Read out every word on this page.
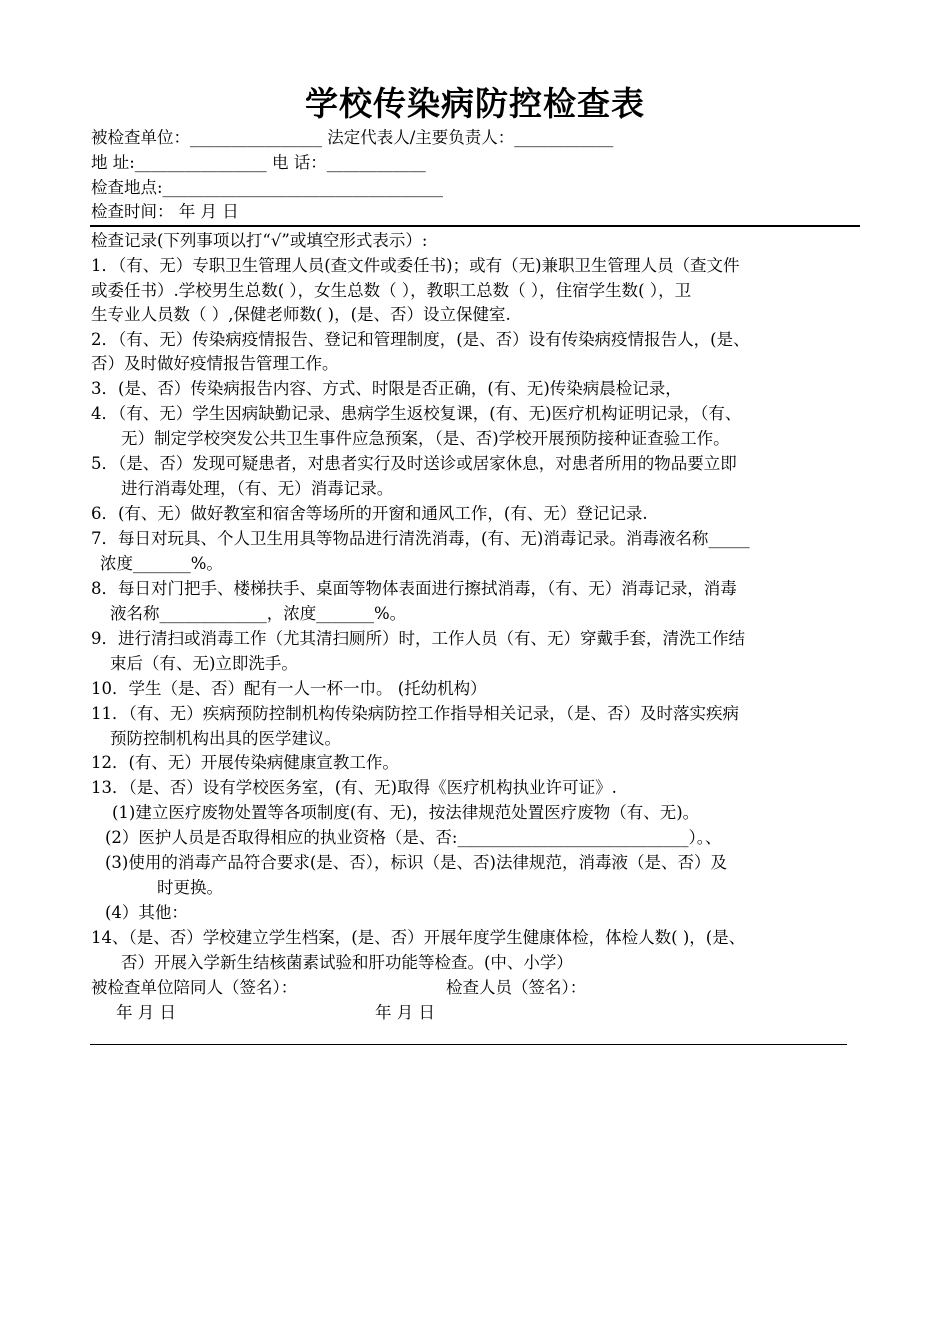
学校传染病防控检查表
被检查单位：________________ 法定代表人/主要负责人：____________
地 址:________________ 电 话：____________
检查地点:__________________________________
检查时间： 年 月 日
检查记录(下列事项以打“√”或填空形式表示）:
1．（有、无）专职卫生管理人员(查文件或委任书)；或有（无)兼职卫生管理人员（查文件
或委任书）.学校男生总数( ），女生总数（ ），教职工总数（ ），住宿学生数( ），卫
生专业人员数（ ）,保健老师数( )，(是、否）设立保健室.
2．（有、无）传染病疫情报告、登记和管理制度，(是、否）设有传染病疫情报告人，(是、
否）及时做好疫情报告管理工作。
3．(是、否）传染病报告内容、方式、时限是否正确，(有、无)传染病晨检记录，
4．（有、无）学生因病缺勤记录、患病学生返校复课，(有、无)医疗机构证明记录，（有、
无）制定学校突发公共卫生事件应急预案，（是、否)学校开展预防接种证查验工作。
5．（是、否）发现可疑患者，对患者实行及时送诊或居家休息，对患者所用的物品要立即
进行消毒处理，（有、无）消毒记录。
6．(有、无）做好教室和宿舍等场所的开窗和通风工作，(有、无）登记记录.
7．每日对玩具、个人卫生用具等物品进行清洗消毒，(有、无)消毒记录。消毒液名称_____
浓度_______%。
8．每日对门把手、楼梯扶手、桌面等物体表面进行擦拭消毒，（有、无）消毒记录，消毒
液名称_____________，浓度_______%。
9．进行清扫或消毒工作（尤其清扫厕所）时，工作人员（有、无）穿戴手套，清洗工作结
束后（有、无)立即洗手。
10．学生（是、否）配有一人一杯一巾。 (托幼机构）
11．（有、无）疾病预防控制机构传染病防控工作指导相关记录，（是、否）及时落实疾病
预防控制机构出具的医学建议。
12．(有、无）开展传染病健康宣教工作。
13．（是、否）设有学校医务室，(有、无)取得《医疗机构执业许可证》.
(1)建立医疗废物处置等各项制度(有、无)，按法律规范处置医疗废物（有、无)。
(2）医护人员是否取得相应的执业资格（是、否:____________________________）。、
(3)使用的消毒产品符合要求(是、否），标识（是、否)法律规范，消毒液（是、否）及
时更换。
(4）其他：
14、（是、否）学校建立学生档案，(是、否）开展年度学生健康体检，体检人数( )，(是、
否）开展入学新生结核菌素试验和肝功能等检查。(中、小学）
被检查单位陪同人（签名）：	检查人员（签名）：
年 月 日	年 月 日
